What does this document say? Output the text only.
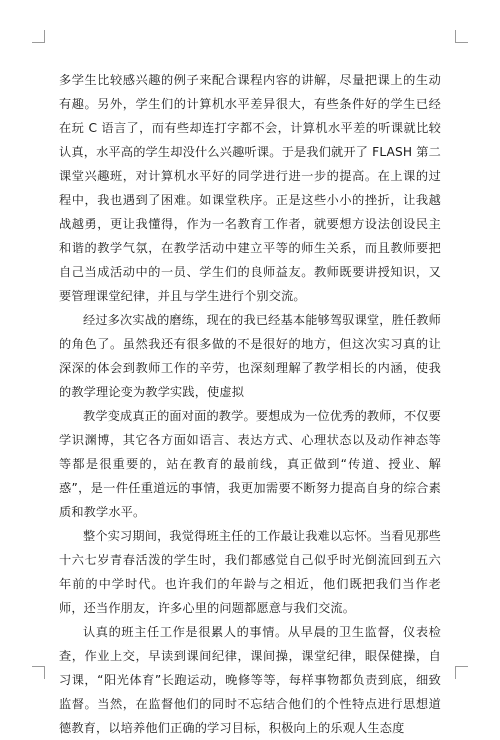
多学生比较感兴趣的例子来配合课程内容的讲解，尽量把课上的生动有趣。另外，学生们的计算机水平差异很大，有些条件好的学生已经在玩 C 语言了，而有些却连打字都不会，计算机水平差的听课就比较认真，水平高的学生却没什么兴趣听课。于是我们就开了 FLASH 第二课堂兴趣班，对计算机水平好的同学进行进一步的提高。在上课的过程中，我也遇到了困难。如课堂秩序。正是这些小小的挫折，让我越战越勇，更让我懂得，作为一名教育工作者，就要想方设法创设民主和谐的教学气氛，在教学活动中建立平等的师生关系，而且教师要把自己当成活动中的一员、学生们的良师益友。教师既要讲授知识，又要管理课堂纪律，并且与学生进行个别交流。

经过多次实战的磨练，现在的我已经基本能够驾驭课堂，胜任教师的角色了。虽然我还有很多做的不是很好的地方，但这次实习真的让深深的体会到教师工作的辛劳，也深刻理解了教学相长的内涵，使我的教学理论变为教学实践，使虚拟

教学变成真正的面对面的教学。要想成为一位优秀的教师，不仅要学识渊博，其它各方面如语言、表达方式、心理状态以及动作神态等等都是很重要的，站在教育的最前线，真正做到“传道、授业、解惑”，是一件任重道远的事情，我更加需要不断努力提高自身的综合素质和教学水平。

整个实习期间，我觉得班主任的工作最让我难以忘怀。当看见那些十六七岁青春活泼的学生时，我们都感觉自己似乎时光倒流回到五六年前的中学时代。也许我们的年龄与之相近，他们既把我们当作老师，还当作朋友，许多心里的问题都愿意与我们交流。

认真的班主任工作是很累人的事情。从早晨的卫生监督，仪表检查，作业上交，早读到课间纪律，课间操，课堂纪律，眼保健操，自习课，“阳光体育”长跑运动，晚修等等，每样事物都负责到底，细致监督。当然，在监督他们的同时不忘结合他们的个性特点进行思想道德教育，以培养他们正确的学习目标，积极向上的乐观人生态度
